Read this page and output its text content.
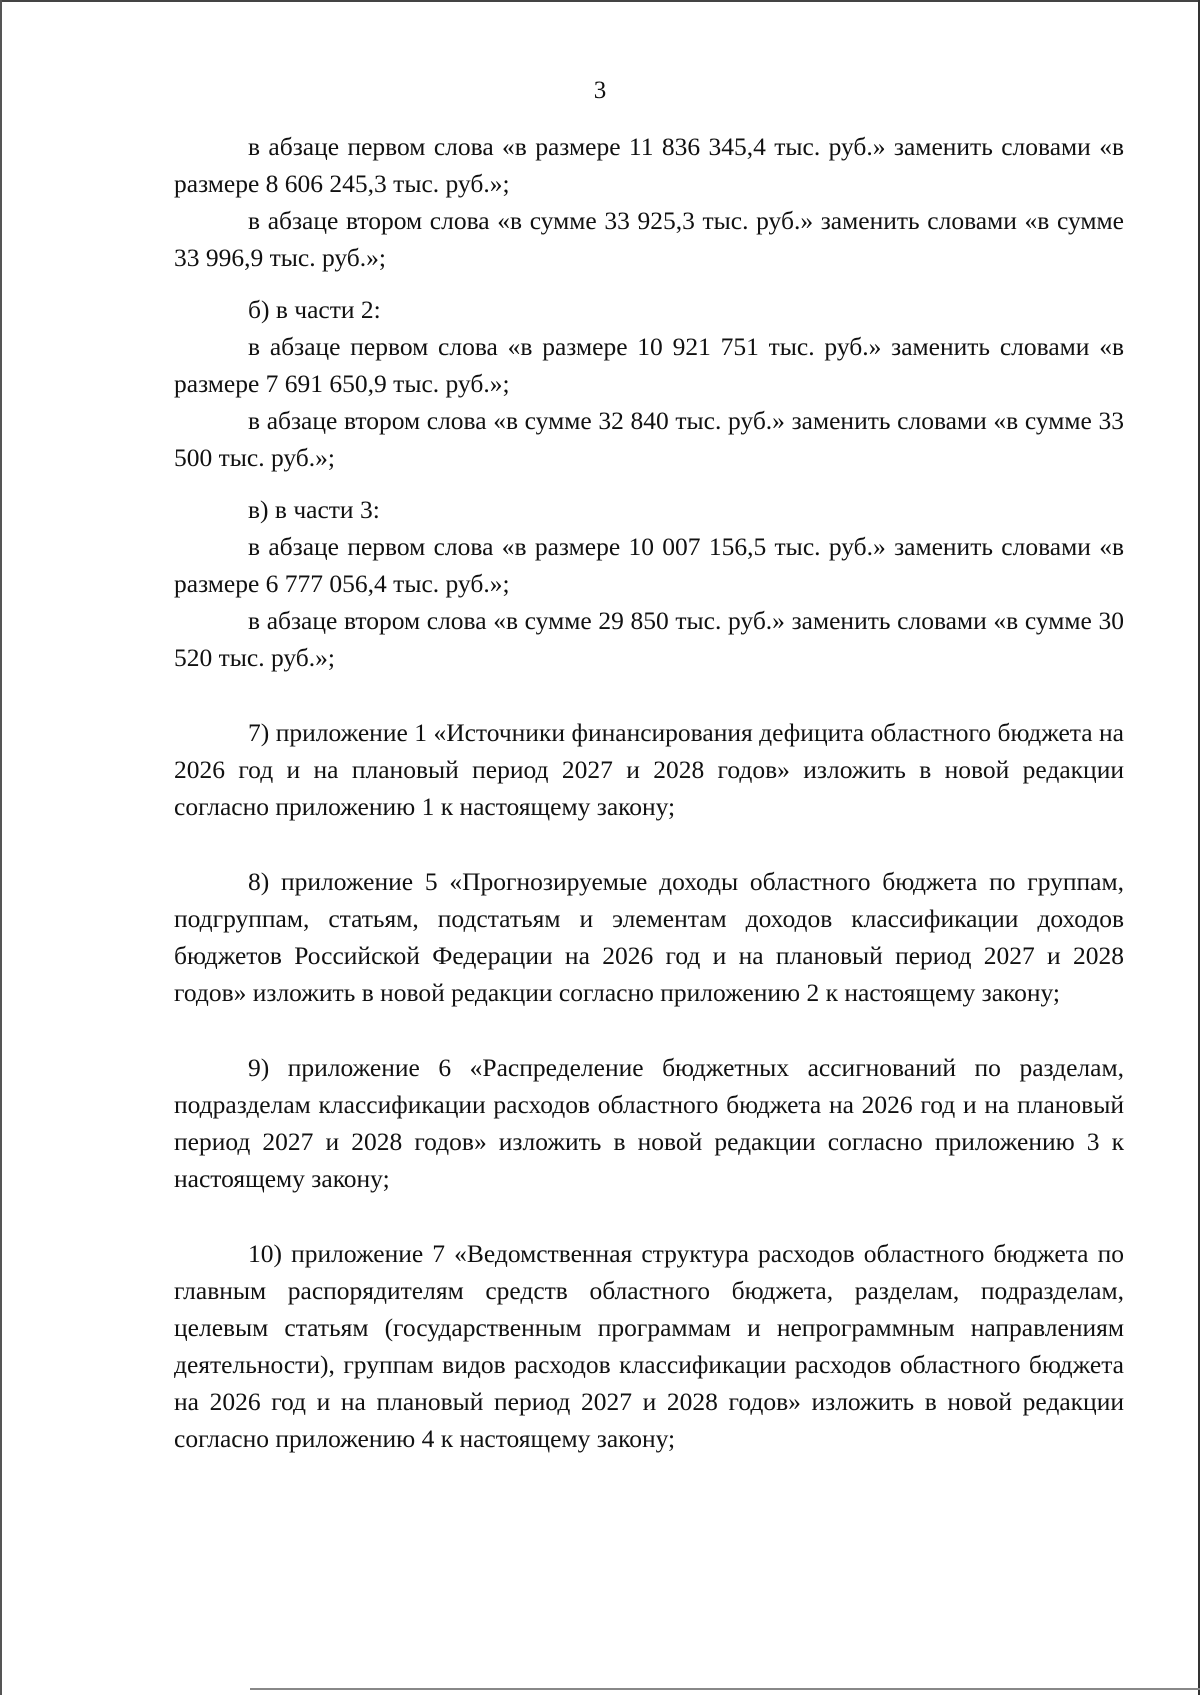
3

в абзаце первом слова «в размере 11 836 345,4 тыс. руб.» заменить словами «в размере 8 606 245,3 тыс. руб.»;

в абзаце втором слова «в сумме 33 925,3 тыс. руб.» заменить словами «в сумме 33 996,9 тыс. руб.»;

б) в части 2:

в абзаце первом слова «в размере 10 921 751 тыс. руб.» заменить словами «в размере 7 691 650,9 тыс. руб.»;

в абзаце втором слова «в сумме 32 840 тыс. руб.» заменить словами «в сумме 33 500 тыс. руб.»;

в) в части 3:

в абзаце первом слова «в размере 10 007 156,5 тыс. руб.» заменить словами «в размере 6 777 056,4 тыс. руб.»;

в абзаце втором слова «в сумме 29 850 тыс. руб.» заменить словами «в сумме 30 520 тыс. руб.»;

7) приложение 1 «Источники финансирования дефицита областного бюджета на 2026 год и на плановый период 2027 и 2028 годов» изложить в новой редакции согласно приложению 1 к настоящему закону;

8) приложение 5 «Прогнозируемые доходы областного бюджета по группам, подгруппам, статьям, подстатьям и элементам доходов классификации доходов бюджетов Российской Федерации на 2026 год и на плановый период 2027 и 2028 годов» изложить в новой редакции согласно приложению 2 к настоящему закону;

9) приложение 6 «Распределение бюджетных ассигнований по разделам, подразделам классификации расходов областного бюджета на 2026 год и на плановый период 2027 и 2028 годов» изложить в новой редакции согласно приложению 3 к настоящему закону;

10) приложение 7 «Ведомственная структура расходов областного бюджета по главным распорядителям средств областного бюджета, разделам, подразделам, целевым статьям (государственным программам и непрограммным направлениям деятельности), группам видов расходов классификации расходов областного бюджета на 2026 год и на плановый период 2027 и 2028 годов» изложить в новой редакции согласно приложению 4 к настоящему закону;
